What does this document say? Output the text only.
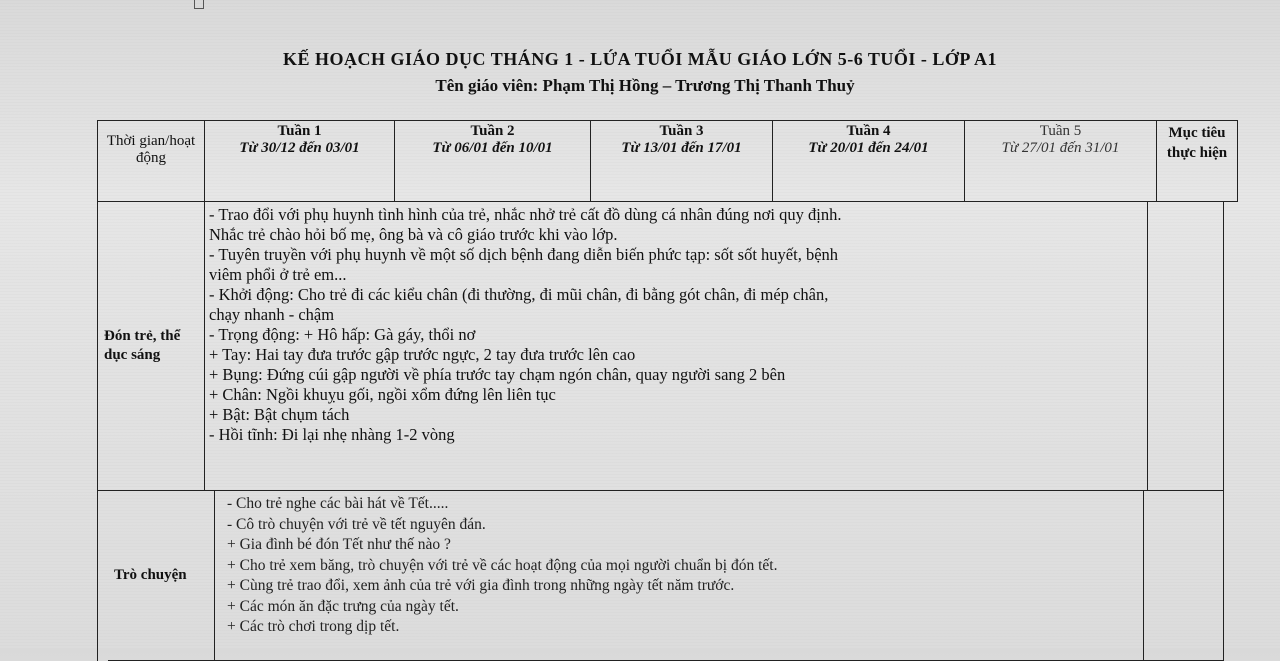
KẾ HOẠCH GIÁO DỤC THÁNG 1 - LỨA TUỔI MẪU GIÁO LỚN 5-6 TUỔI - LỚP A1
Tên giáo viên: Phạm Thị Hồng – Trương Thị Thanh Thuỷ
Thời gian/hoạt động
Tuần 1
Từ 30/12 đến 03/01
Tuần 2
Từ 06/01 đến 10/01
Tuần 3
Từ 13/01 đến 17/01
Tuần 4
Từ 20/01 đến 24/01
Tuần 5
Từ 27/01 đến 31/01
Mục tiêu thực hiện
Đón trẻ, thể dục sáng
- Trao đổi với phụ huynh tình hình của trẻ, nhắc nhở trẻ cất đồ dùng cá nhân đúng nơi quy định.
Nhắc trẻ chào hỏi bố mẹ, ông bà và cô giáo trước khi vào lớp.
- Tuyên truyền với phụ huynh về một số dịch bệnh đang diễn biến phức tạp: sốt sốt huyết, bệnh
viêm phổi ở trẻ em...
- Khởi động: Cho trẻ đi các kiểu chân (đi thường, đi mũi chân, đi bằng gót chân, đi mép chân,
chạy nhanh - chậm
- Trọng động: + Hô hấp: Gà gáy, thổi nơ
+ Tay: Hai tay đưa trước gập trước ngực, 2 tay đưa trước lên cao
+ Bụng: Đứng cúi gập người về phía trước tay chạm ngón chân, quay người sang 2 bên
+ Chân: Ngồi khuỵu gối, ngồi xổm đứng lên liên tục
+ Bật: Bật chụm tách
- Hồi tĩnh: Đi lại nhẹ nhàng 1-2 vòng
Trò chuyện
- Cho trẻ nghe các bài hát về Tết.....
- Cô trò chuyện với trẻ về tết nguyên đán.
+ Gia đình bé đón Tết như thế nào ?
+ Cho trẻ xem băng, trò chuyện với trẻ về các hoạt động của mọi người chuẩn bị đón tết.
+ Cùng trẻ trao đổi, xem ảnh của trẻ với gia đình trong những ngày tết năm trước.
+ Các món ăn đặc trưng của ngày tết.
+ Các trò chơi trong dịp tết.
